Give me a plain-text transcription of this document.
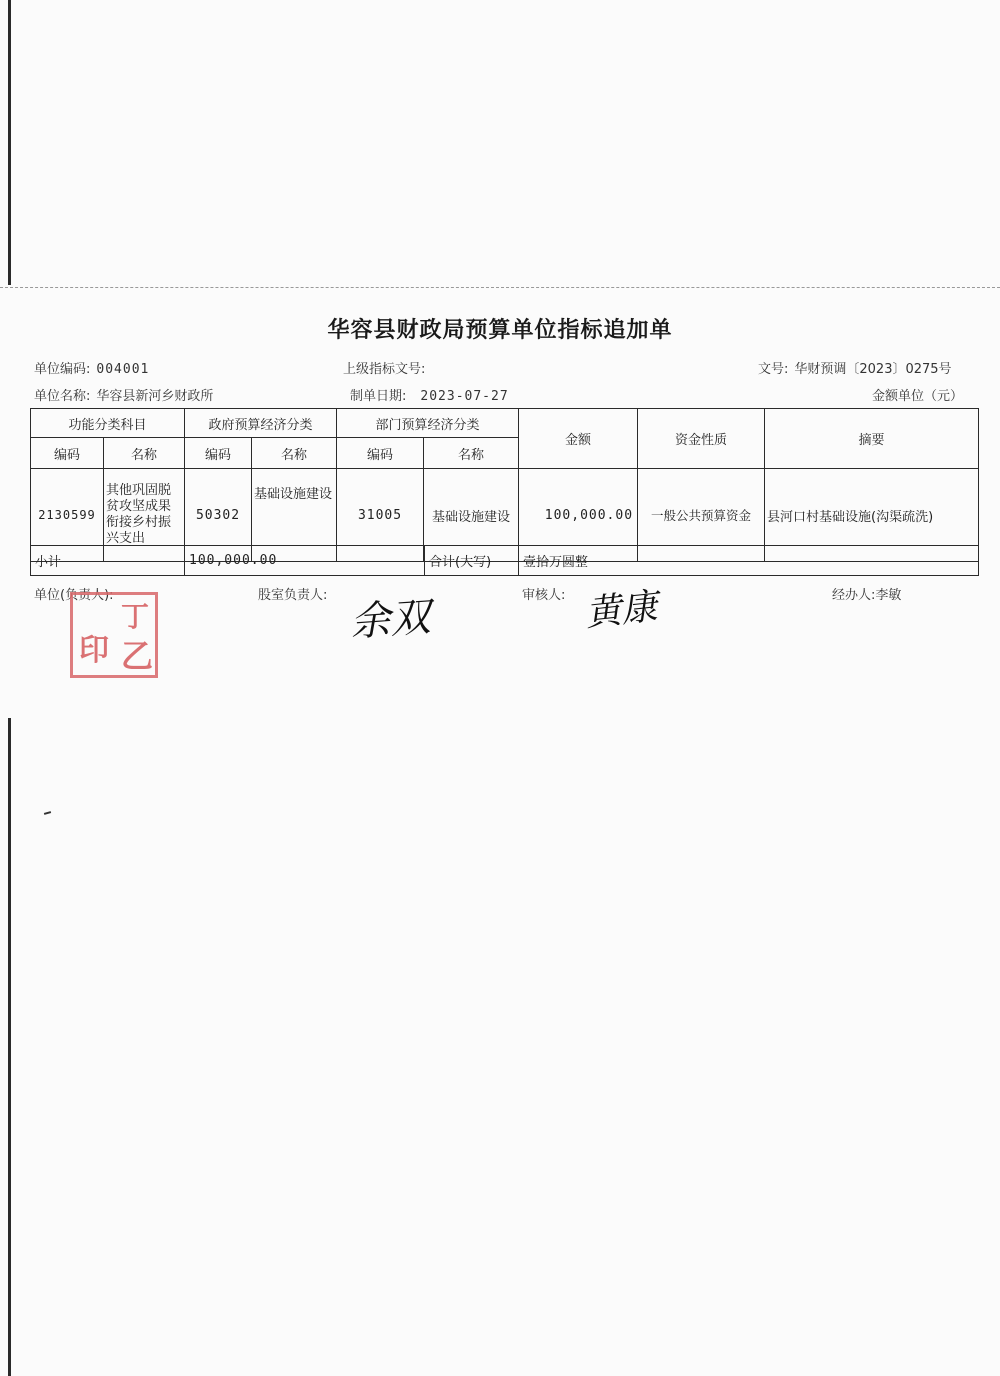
华容县财政局预算单位指标追加单
单位编码: 004001	上级指标文号:	文号: 华财预调〔2023〕0275号
单位名称: 华容县新河乡财政所	制单日期: 2023-07-27	金额单位（元）
功能分类科目		政府预算经济分类		部门预算经济分类		金额	资金性质	摘要
编码	名称	编码	名称	编码	名称			
2130599	其他巩固脱贫攻坚成果衔接乡村振兴支出	50302	基础设施建设	31005	基础设施建设	100,000.00	一般公共预算资金	县河口村基础设施(沟渠疏洗)
小计	100,000.00	合计(大写)	壹拾万圆整
单位(负责人):	股室负责人:	审核人:	经办人:李敏
印
丁
乙
余双	黄康
